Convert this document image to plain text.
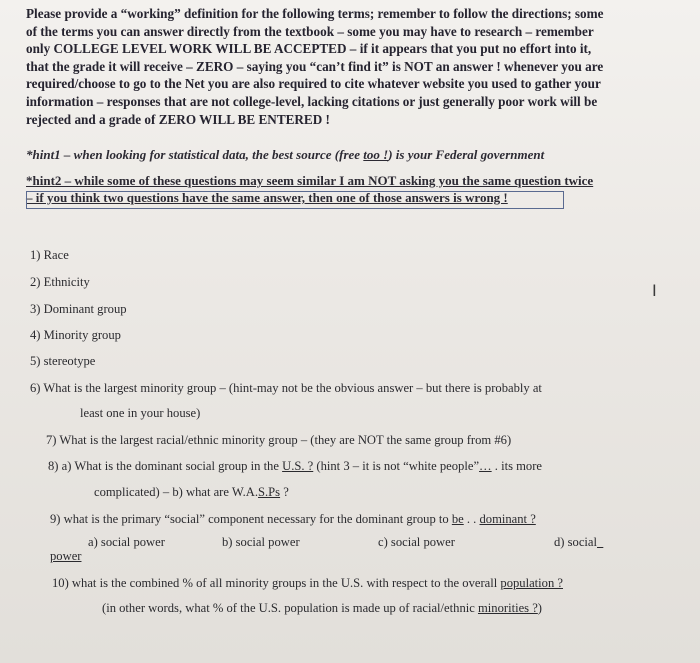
Please provide a “working” definition for the following terms; remember to follow the directions; some

of the terms you can answer directly from the textbook – some you may have to research – remember

only COLLEGE LEVEL WORK WILL BE ACCEPTED – if it appears that you put no effort into it,

that the grade it will receive – ZERO – saying you “can’t find it” is NOT an answer ! whenever you are

required/choose to go to the Net you are also required to cite whatever website you used to gather your

information – responses that are not college-level, lacking citations or just generally poor work will be

rejected and a grade of ZERO WILL BE ENTERED !

*hint1 – when looking for statistical data, the best source (free too !) is your Federal government
*hint2 – while some of these questions may seem similar I am NOT asking you the same question twice
– if you think two questions have the same answer, then one of those answers is wrong !
1) Race
2) Ethnicity
3) Dominant group
4) Minority group
5) stereotype
6) What is the largest minority group – (hint-may not be the obvious answer – but there is probably at
least one in your house)
7) What is the largest racial/ethnic minority group – (they are NOT the same group from #6)
8) a) What is the dominant social group in the U.S. ? (hint 3 – it is not “white people”… . its more
complicated) – b) what are W.A.S.Ps ?
9) what is the primary “social” component necessary for the dominant group to be . . dominant ?
a) social power	b) social power	c) social power	d) social
power
10) what is the combined % of all minority groups in the U.S. with respect to the overall population ?
(in other words, what % of the U.S. population is made up of racial/ethnic minorities ?)
I
